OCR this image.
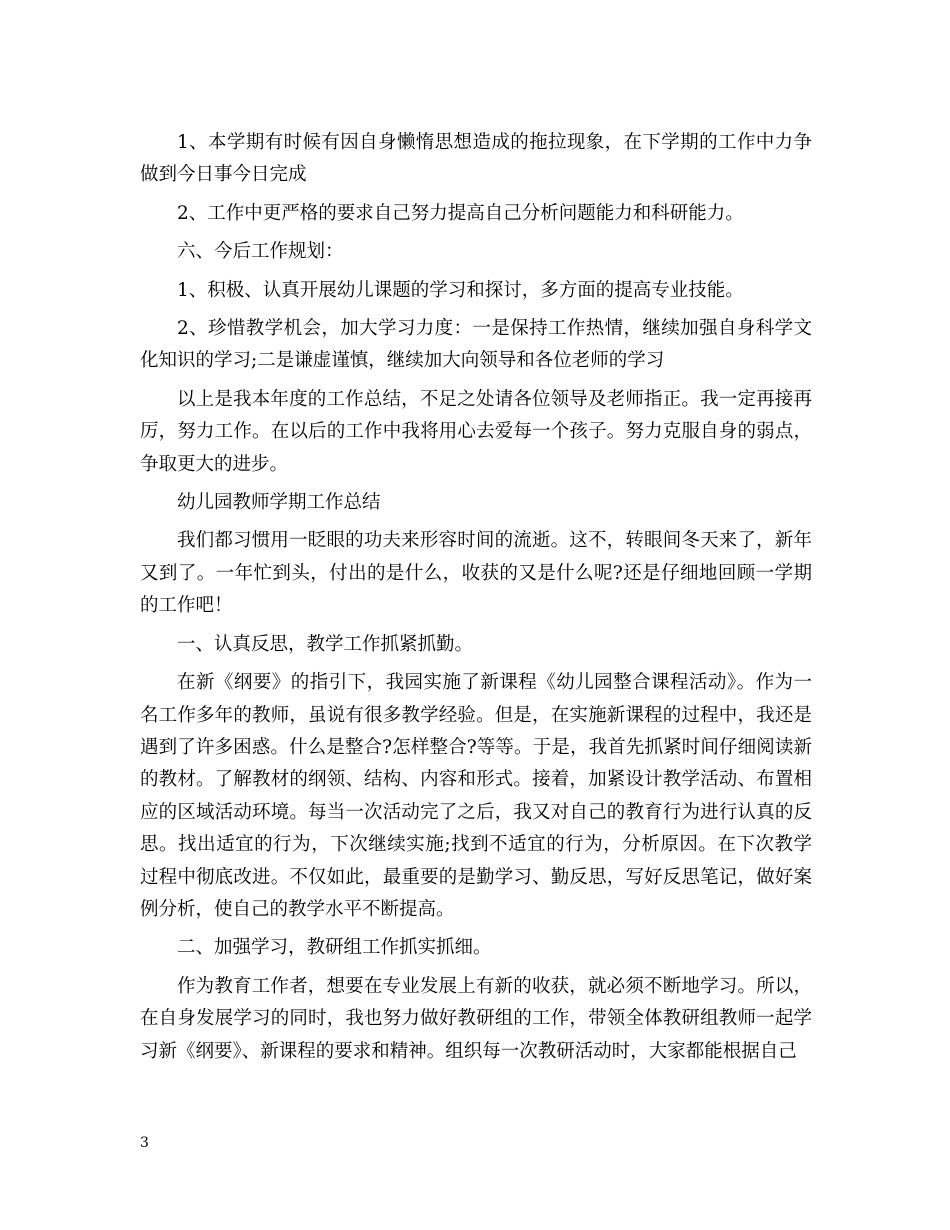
1、本学期有时候有因自身懒惰思想造成的拖拉现象，在下学期的工作中力争做到今日事今日完成

2、工作中更严格的要求自己努力提高自己分析问题能力和科研能力。

六、今后工作规划：

1、积极、认真开展幼儿课题的学习和探讨，多方面的提高专业技能。

2、珍惜教学机会，加大学习力度：一是保持工作热情，继续加强自身科学文化知识的学习;二是谦虚谨慎，继续加大向领导和各位老师的学习

以上是我本年度的工作总结，不足之处请各位领导及老师指正。我一定再接再厉，努力工作。在以后的工作中我将用心去爱每一个孩子。努力克服自身的弱点，争取更大的进步。

幼儿园教师学期工作总结

我们都习惯用一眨眼的功夫来形容时间的流逝。这不，转眼间冬天来了，新年又到了。一年忙到头，付出的是什么，收获的又是什么呢?还是仔细地回顾一学期的工作吧！

一、认真反思，教学工作抓紧抓勤。

在新《纲要》的指引下，我园实施了新课程《幼儿园整合课程活动》。作为一名工作多年的教师，虽说有很多教学经验。但是，在实施新课程的过程中，我还是遇到了许多困惑。什么是整合?怎样整合?等等。于是，我首先抓紧时间仔细阅读新的教材。了解教材的纲领、结构、内容和形式。接着，加紧设计教学活动、布置相应的区域活动环境。每当一次活动完了之后，我又对自己的教育行为进行认真的反思。找出适宜的行为，下次继续实施;找到不适宜的行为，分析原因。在下次教学过程中彻底改进。不仅如此，最重要的是勤学习、勤反思，写好反思笔记，做好案例分析，使自己的教学水平不断提高。

二、加强学习，教研组工作抓实抓细。

作为教育工作者，想要在专业发展上有新的收获，就必须不断地学习。所以，在自身发展学习的同时，我也努力做好教研组的工作，带领全体教研组教师一起学习新《纲要》、新课程的要求和精神。组织每一次教研活动时，大家都能根据自己

3
